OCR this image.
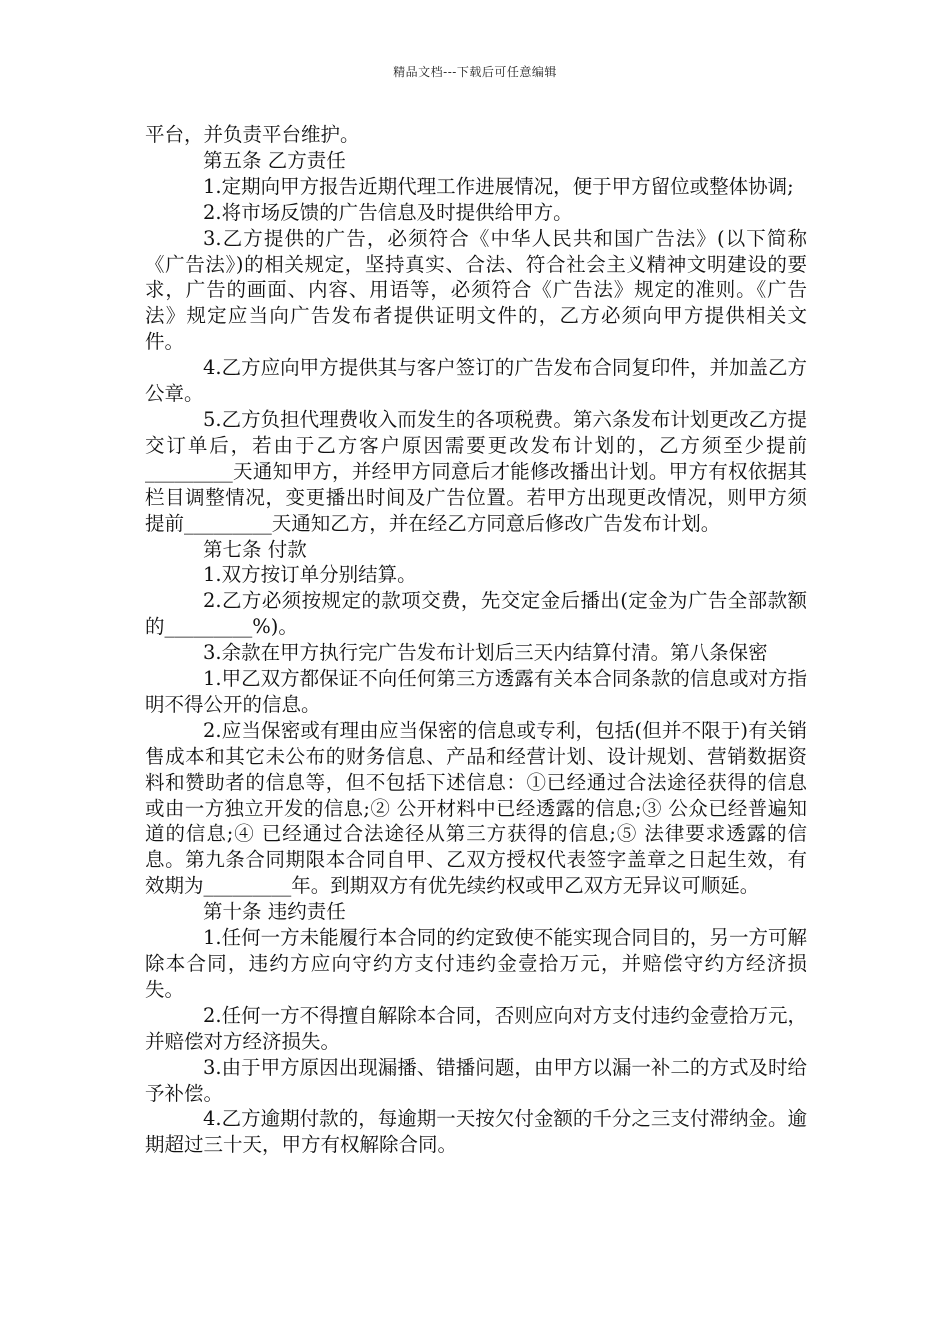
精品文档---下载后可任意编辑

平台，并负责平台维护。

第五条 乙方责任

1.定期向甲方报告近期代理工作进展情况，便于甲方留位或整体协调;

2.将市场反馈的广告信息及时提供给甲方。

3.乙方提供的广告，必须符合《中华人民共和国广告法》(以下简称《广告法》)的相关规定，坚持真实、合法、符合社会主义精神文明建设的要求，广告的画面、内容、用语等，必须符合《广告法》规定的准则。《广告法》规定应当向广告发布者提供证明文件的，乙方必须向甲方提供相关文件。

4.乙方应向甲方提供其与客户签订的广告发布合同复印件，并加盖乙方公章。

5.乙方负担代理费收入而发生的各项税费。第六条发布计划更改乙方提交订单后，若由于乙方客户原因需要更改发布计划的，乙方须至少提前_________天通知甲方，并经甲方同意后才能修改播出计划。甲方有权依据其栏目调整情况，变更播出时间及广告位置。若甲方出现更改情况，则甲方须提前_________天通知乙方，并在经乙方同意后修改广告发布计划。

第七条 付款

1.双方按订单分别结算。

2.乙方必须按规定的款项交费，先交定金后播出(定金为广告全部款额的_________%)。

3.余款在甲方执行完广告发布计划后三天内结算付清。第八条保密

1.甲乙双方都保证不向任何第三方透露有关本合同条款的信息或对方指明不得公开的信息。

2.应当保密或有理由应当保密的信息或专利，包括(但并不限于)有关销售成本和其它未公布的财务信息、产品和经营计划、设计规划、营销数据资料和赞助者的信息等，但不包括下述信息：①已经通过合法途径获得的信息或由一方独立开发的信息;② 公开材料中已经透露的信息;③ 公众已经普遍知道的信息;④ 已经通过合法途径从第三方获得的信息;⑤ 法律要求透露的信息。第九条合同期限本合同自甲、乙双方授权代表签字盖章之日起生效，有效期为_________年。到期双方有优先续约权或甲乙双方无异议可顺延。

第十条 违约责任

1.任何一方未能履行本合同的约定致使不能实现合同目的，另一方可解除本合同，违约方应向守约方支付违约金壹拾万元，并赔偿守约方经济损失。

2.任何一方不得擅自解除本合同，否则应向对方支付违约金壹拾万元，并赔偿对方经济损失。

3.由于甲方原因出现漏播、错播问题，由甲方以漏一补二的方式及时给予补偿。

4.乙方逾期付款的，每逾期一天按欠付金额的千分之三支付滞纳金。逾期超过三十天，甲方有权解除合同。
